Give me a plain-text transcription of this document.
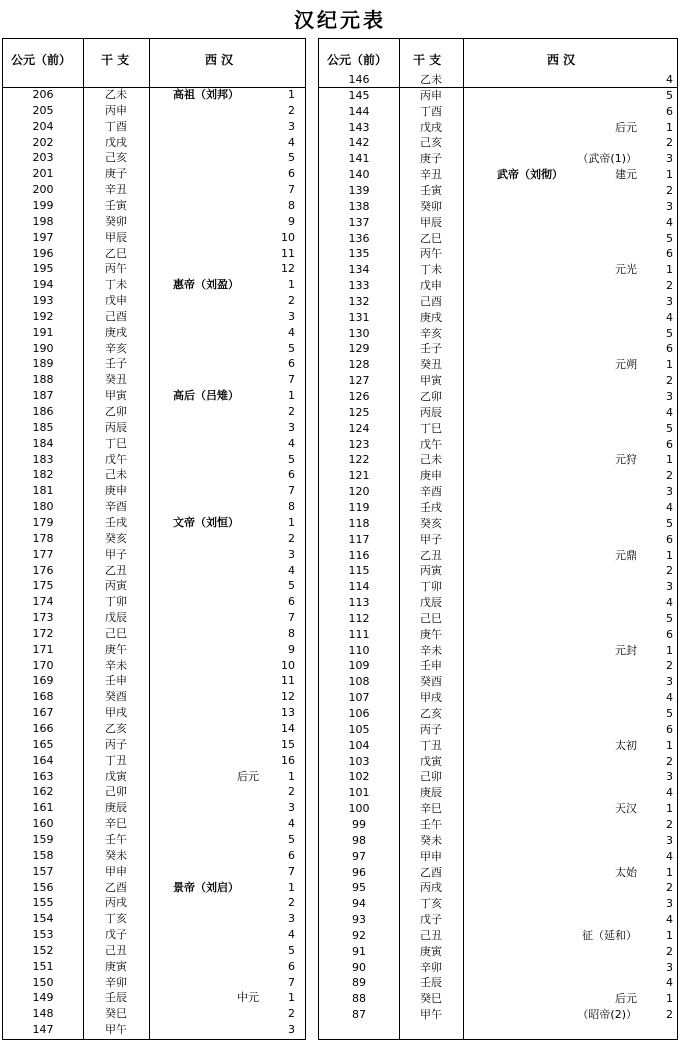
汉纪元表
公元（前） 干 支	西 汉
206	乙未	高祖（刘邦）	1
205	丙申	2
204	丁酉	3
202	戊戌	4
203	己亥	5
201	庚子	6
200	辛丑	7
199	壬寅	8
198	癸卯	9
197	甲辰	10
196	乙巳	11
195	丙午	12
194	丁未	惠帝（刘盈）	1
193	戊申	2
192	己酉	3
191	庚戌	4
190	辛亥	5
189	壬子	6
188	癸丑	7
187	甲寅	高后（吕雉）	1
186	乙卯	2
185	丙辰	3
184	丁巳	4
183	戊午	5
182	己未	6
181	庚申	7
180	辛酉	8
179	壬戌	文帝（刘恒）	1
178	癸亥	2
177	甲子	3
176	乙丑	4
175	丙寅	5
174	丁卯	6
173	戊辰	7
172	己巳	8
171	庚午	9
170	辛未	10
169	壬申	11
168	癸酉	12
167	甲戌	13
166	乙亥	14
165	丙子	15
164	丁丑	16
163	戊寅	后元	1
162	己卯	2
161	庚辰	3
160	辛巳	4
159	壬午	5
158	癸未	6
157	甲申	7
156	乙酉	景帝（刘启）	1
155	丙戌	2
154	丁亥	3
153	戊子	4
152	己丑	5
151	庚寅	6
150	辛卯	7
149	壬辰	中元	1
148	癸巳	2
147	甲午	3
公元（前） 干 支	西 汉
146	乙未	4
145	丙申	5
144	丁酉	6
143	戊戌	后元	1
142	己亥	2
141	庚子	（武帝(1)）	3
140	辛丑	武帝（刘彻）	建元	1
139	壬寅	2
138	癸卯	3
137	甲辰	4
136	乙巳	5
135	丙午	6
134	丁未	元光	1
133	戊申	2
132	己酉	3
131	庚戌	4
130	辛亥	5
129	壬子	6
128	癸丑	元朔	1
127	甲寅	2
126	乙卯	3
125	丙辰	4
124	丁巳	5
123	戊午	6
122	己未	元狩	1
121	庚申	2
120	辛酉	3
119	壬戌	4
118	癸亥	5
117	甲子	6
116	乙丑	元鼎	1
115	丙寅	2
114	丁卯	3
113	戊辰	4
112	己巳	5
111	庚午	6
110	辛未	元封	1
109	壬申	2
108	癸酉	3
107	甲戌	4
106	乙亥	5
105	丙子	6
104	丁丑	太初	1
103	戊寅	2
102	己卯	3
101	庚辰	4
100	辛巳	天汉	1
99	壬午	2
98	癸未	3
97	甲申	4
96	乙酉	太始	1
95	丙戌	2
94	丁亥	3
93	戊子	4
92	己丑	征（延和）	1
91	庚寅	2
90	辛卯	3
89	壬辰	4
88	癸巳	后元	1
87	甲午	（昭帝(2)）	2
